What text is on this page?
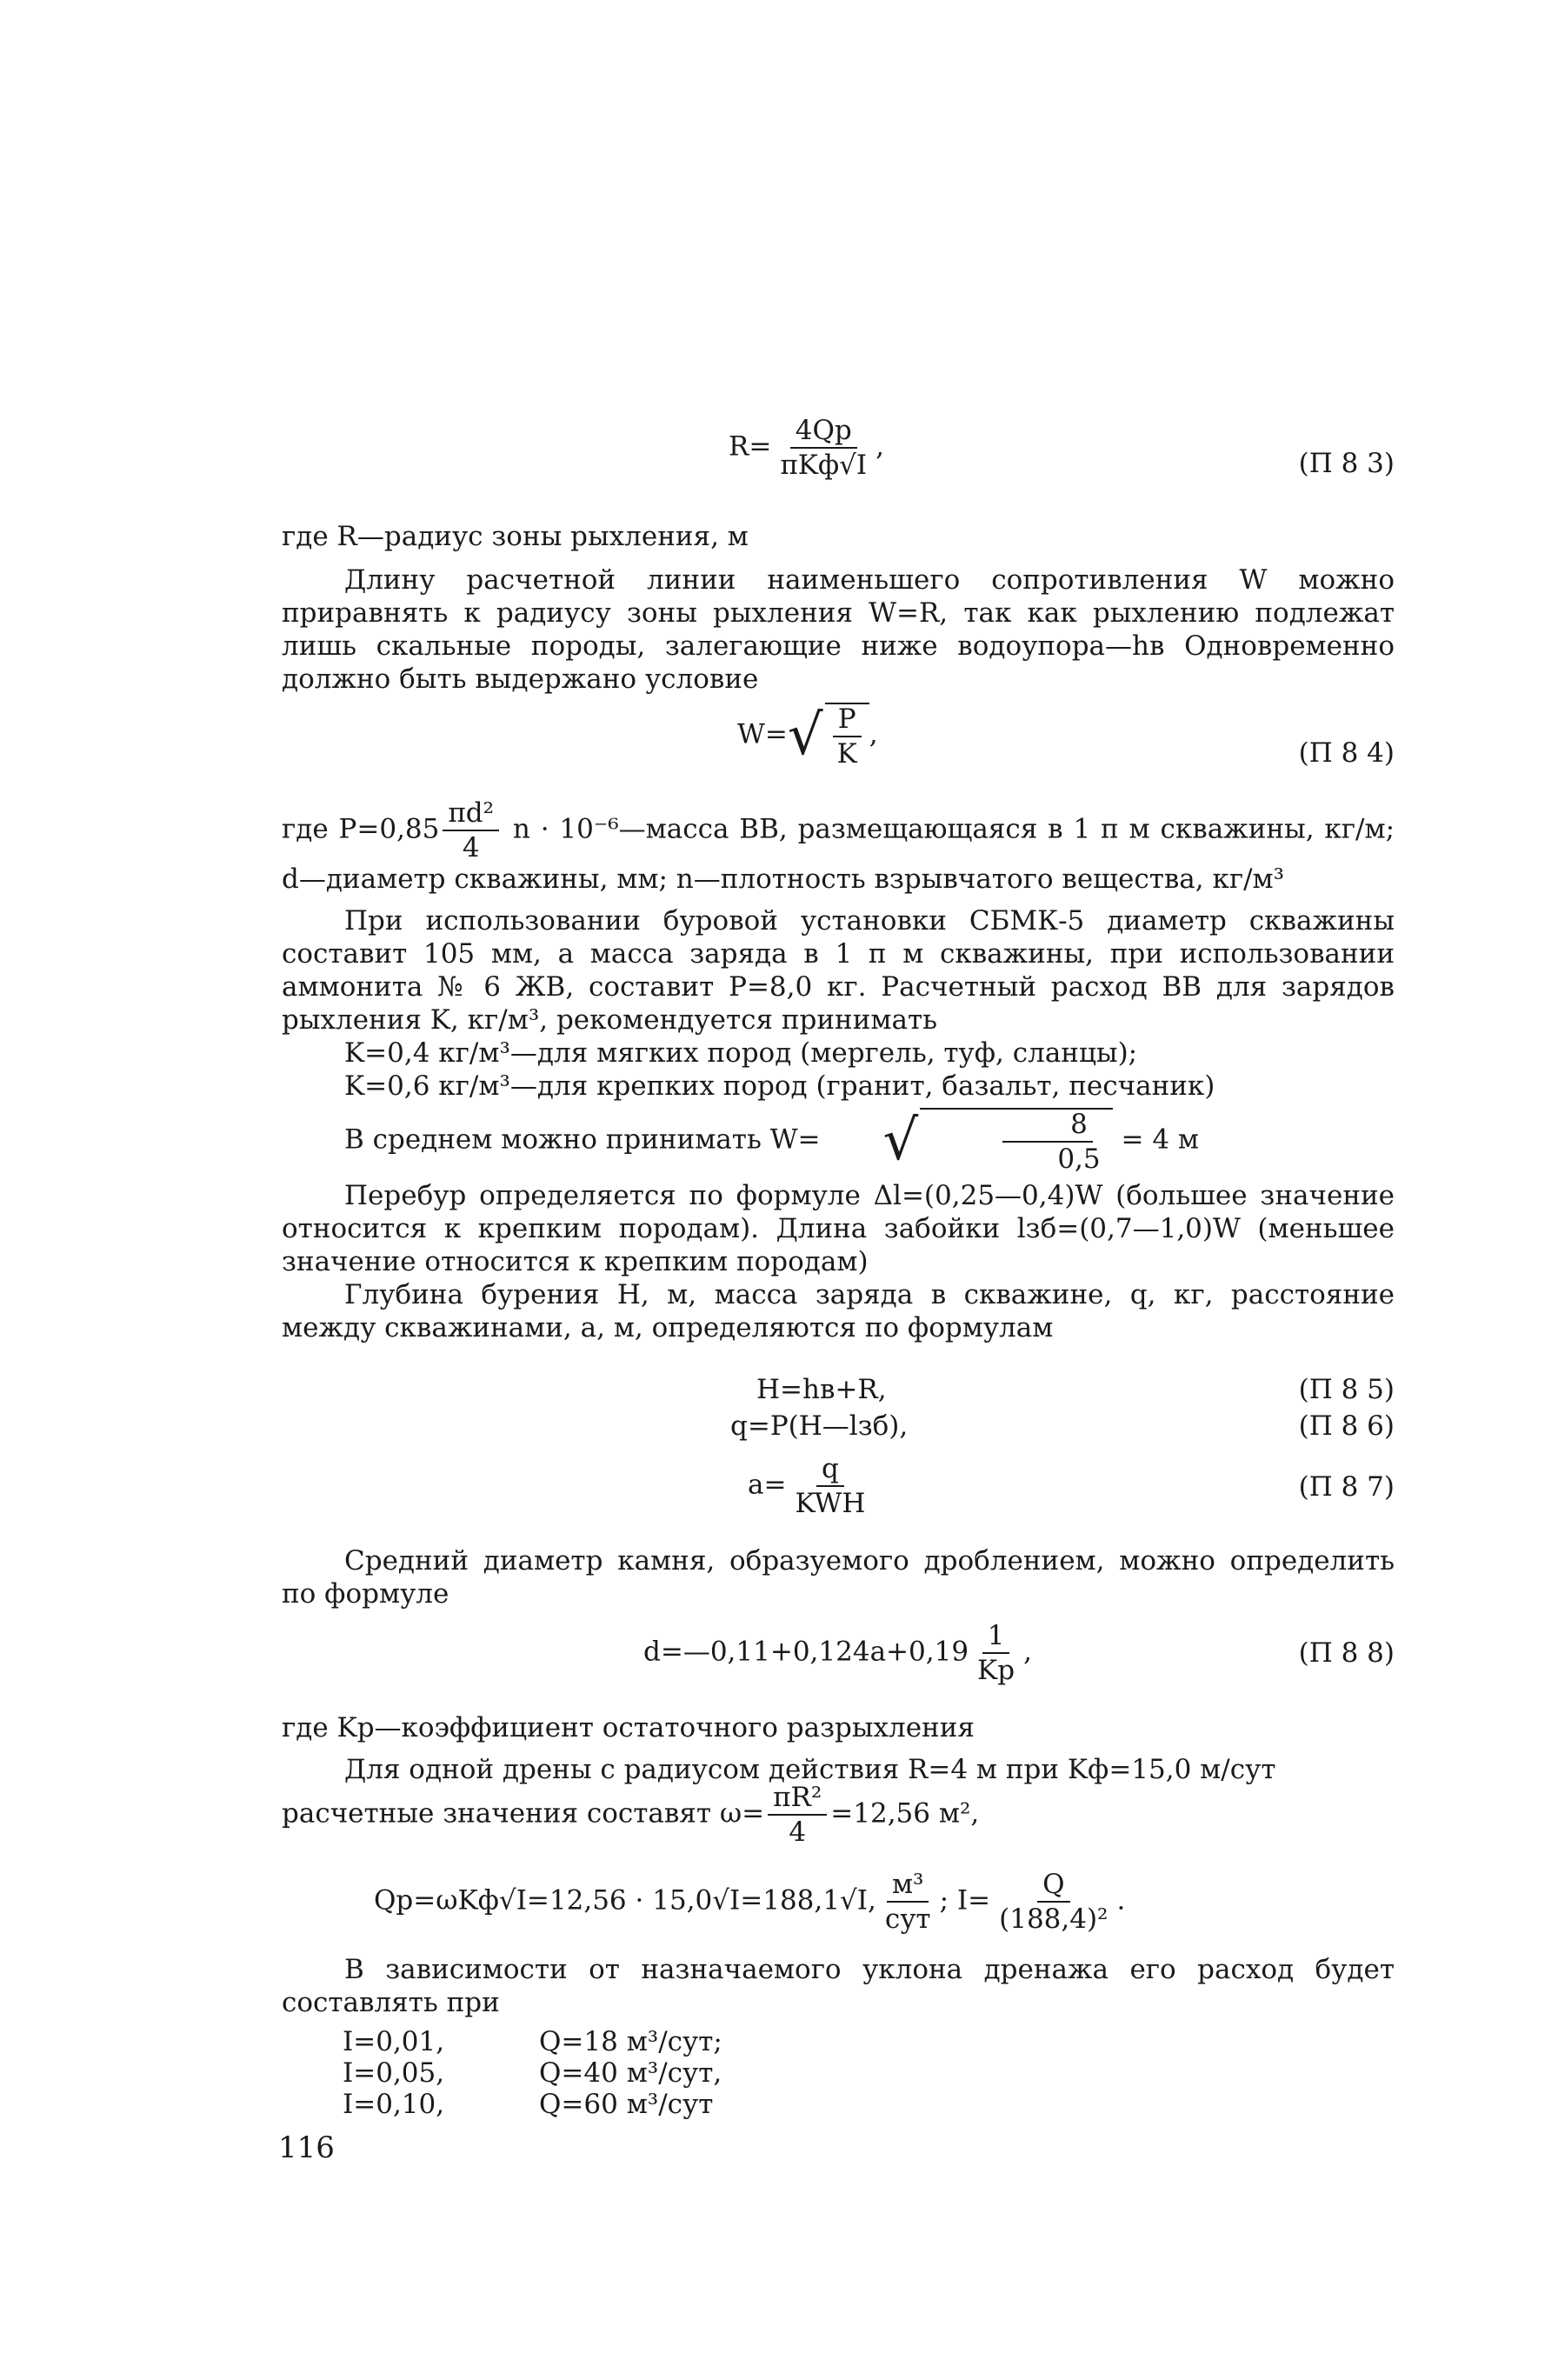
$R= \frac{4Qр}{\text{πKф√I}}$ ,
(П 8 3)

где R—радиус зоны рыхления, м

Длину расчетной линии наименьшего сопротивления W можно приравнять к радиусу зоны рыхления W=R, так как рыхлению подлежат лишь скальные породы, залегающие ниже водоупора—hв Одновременно должно быть выдержано условие

W= √ $\frac{P}{K}$ ,
(П 8 4)

где $P=0,85 \frac{\text{πd²}}{4}$ n · 10⁻⁶—масса ВВ, размещающаяся в 1 п м скважины, кг/м; d—диаметр скважины, мм; n—плотность взрывчатого вещества, кг/м³

При использовании буровой установки СБМК-5 диаметр скважины составит 105 мм, а масса заряда в 1 п м скважины, при использовании аммонита № 6 ЖВ, составит P=8,0 кг. Расчетный расход ВВ для зарядов рыхления K, кг/м³, рекомендуется принимать

K=0,4 кг/м³—для мягких пород (мергель, туф, сланцы);

K=0,6 кг/м³—для крепких пород (гранит, базальт, песчаник)

В среднем можно принимать W=	√	$\frac{8}{0,5} = 4$ м

Перебур определяется по формуле Δl=(0,25—0,4)W (большее значение относится к крепким породам). Длина забойки lзб=(0,7—1,0)W (меньшее значение относится к крепким породам)

Глубина бурения H, м, масса заряда в скважине, q, кг, расстояние между скважинами, a, м, определяются по формулам

H=hв+R,	(П 8 5)
q=P(H—lзб),	(П 8 6)
$a= \frac{q}{\text{KWH}}$	(П 8 7)

Средний диаметр камня, образуемого дроблением, можно определить по формуле

d=—0,11+0,124a+0,19 $\frac{1}{Kр}$ ,	(П 8 8)

где Kр—коэффициент остаточного разрыхления

Для одной дрены с радиусом действия R=4 м при Kф=15,0 м/сут

расчетные значения составят $\omega= \frac{\text{πR²}}{4} =12,56$ м²,
Qр=ωKф√I=12,56 · 15,0√I=188,1√I, $\frac{\text{м³}}{\text{сут}}$ ; $I= \frac{Q}{\text{(188,4)²}}$ .

В зависимости от назначаемого уклона дренажа его расход будет составлять при

I=0,01,	Q=18 м³/сут;
I=0,05,	Q=40 м³/сут,
I=0,10,	Q=60 м³/сут
116
